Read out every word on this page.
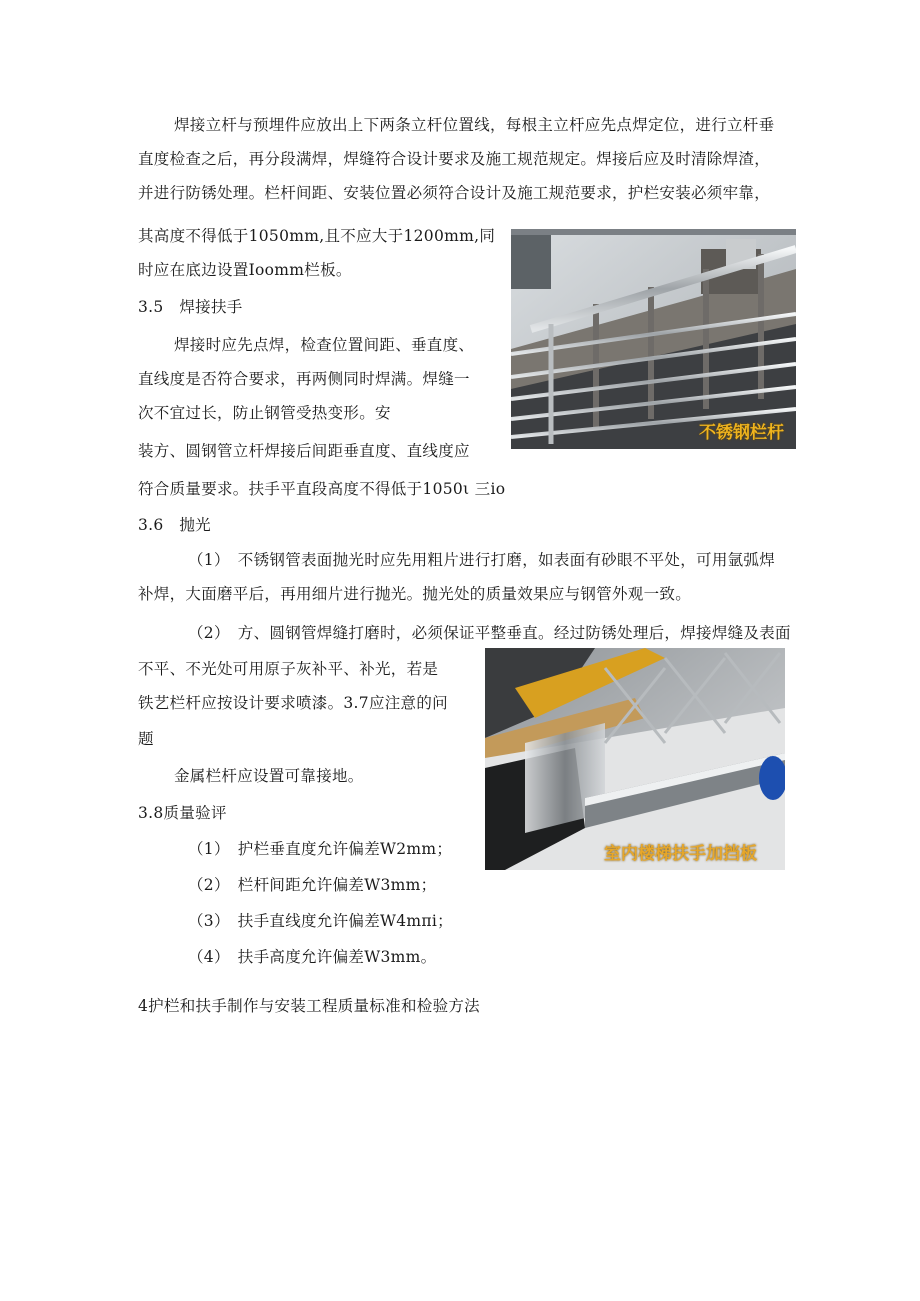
焊接立杆与预埋件应放出上下两条立杆位置线，每根主立杆应先点焊定位，进行立杆垂
直度检查之后，再分段满焊，焊缝符合设计要求及施工规范规定。焊接后应及时清除焊渣，
并进行防锈处理。栏杆间距、安装位置必须符合设计及施工规范要求，护栏安装必须牢靠，
其高度不得低于1050mm,且不应大于1200mm,同
时应在底边设置Ioomm栏板。
3.5　焊接扶手
焊接时应先点焊，检查位置间距、垂直度、
直线度是否符合要求，再两侧同时焊满。焊缝一
次不宜过长，防止钢管受热变形。安
装方、圆钢管立杆焊接后间距垂直度、直线度应
符合质量要求。扶手平直段高度不得低于1050ι 三io
3.6　抛光
（1）　不锈钢管表面抛光时应先用粗片进行打磨，如表面有砂眼不平处，可用氩弧焊
补焊，大面磨平后，再用细片进行抛光。抛光处的质量效果应与钢管外观一致。
（2）　方、圆钢管焊缝打磨时，必须保证平整垂直。经过防锈处理后，焊接焊缝及表面
不平、不光处可用原子灰补平、补光，若是
铁艺栏杆应按设计要求喷漆。3.7应注意的问
题
金属栏杆应设置可靠接地。
3.8质量验评
（1）　护栏垂直度允许偏差W2mm；
（2）　栏杆间距允许偏差W3mm；
（3）　扶手直线度允许偏差W4mπi；
（4）　扶手高度允许偏差W3mm。
4护栏和扶手制作与安装工程质量标准和检验方法
不锈钢栏杆
室内楼梯扶手加挡板
